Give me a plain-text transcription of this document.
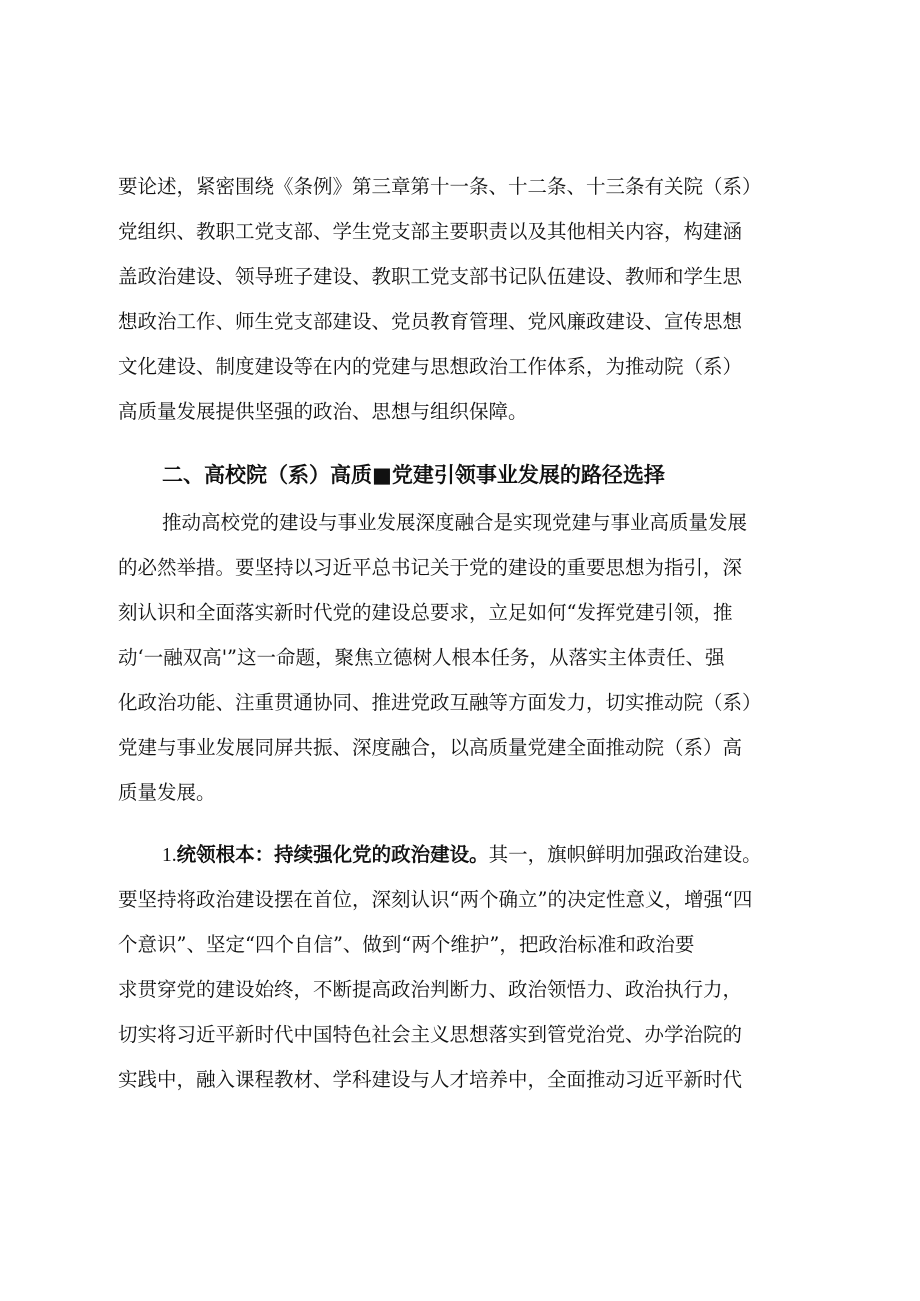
要论述，紧密围绕《条例》第三章第十一条、十二条、十三条有关院（系）
党组织、教职工党支部、学生党支部主要职责以及其他相关内容，构建涵
盖政治建设、领导班子建设、教职工党支部书记队伍建设、教师和学生思
想政治工作、师生党支部建设、党员教育管理、党风廉政建设、宣传思想
文化建设、制度建设等在内的党建与思想政治工作体系，为推动院（系）
高质量发展提供坚强的政治、思想与组织保障。
二、高校院（系）高质■党建引领事业发展的路径选择
推动高校党的建设与事业发展深度融合是实现党建与事业高质量发展
的必然举措。要坚持以习近平总书记关于党的建设的重要思想为指引，深
刻认识和全面落实新时代党的建设总要求，立足如何“发挥党建引领，推
动‘一融双高'”这一命题，聚焦立德树人根本任务，从落实主体责任、强
化政治功能、注重贯通协同、推进党政互融等方面发力，切实推动院（系）
党建与事业发展同屏共振、深度融合，以高质量党建全面推动院（系）高
质量发展。
1.统领根本：持续强化党的政治建设。其一，旗帜鲜明加强政治建设。
要坚持将政治建设摆在首位，深刻认识“两个确立”的决定性意义，增强“四
个意识”、坚定“四个自信”、做到“两个维护”，把政治标准和政治要
求贯穿党的建设始终，不断提高政治判断力、政治领悟力、政治执行力，
切实将习近平新时代中国特色社会主义思想落实到管党治党、办学治院的
实践中，融入课程教材、学科建设与人才培养中，全面推动习近平新时代
